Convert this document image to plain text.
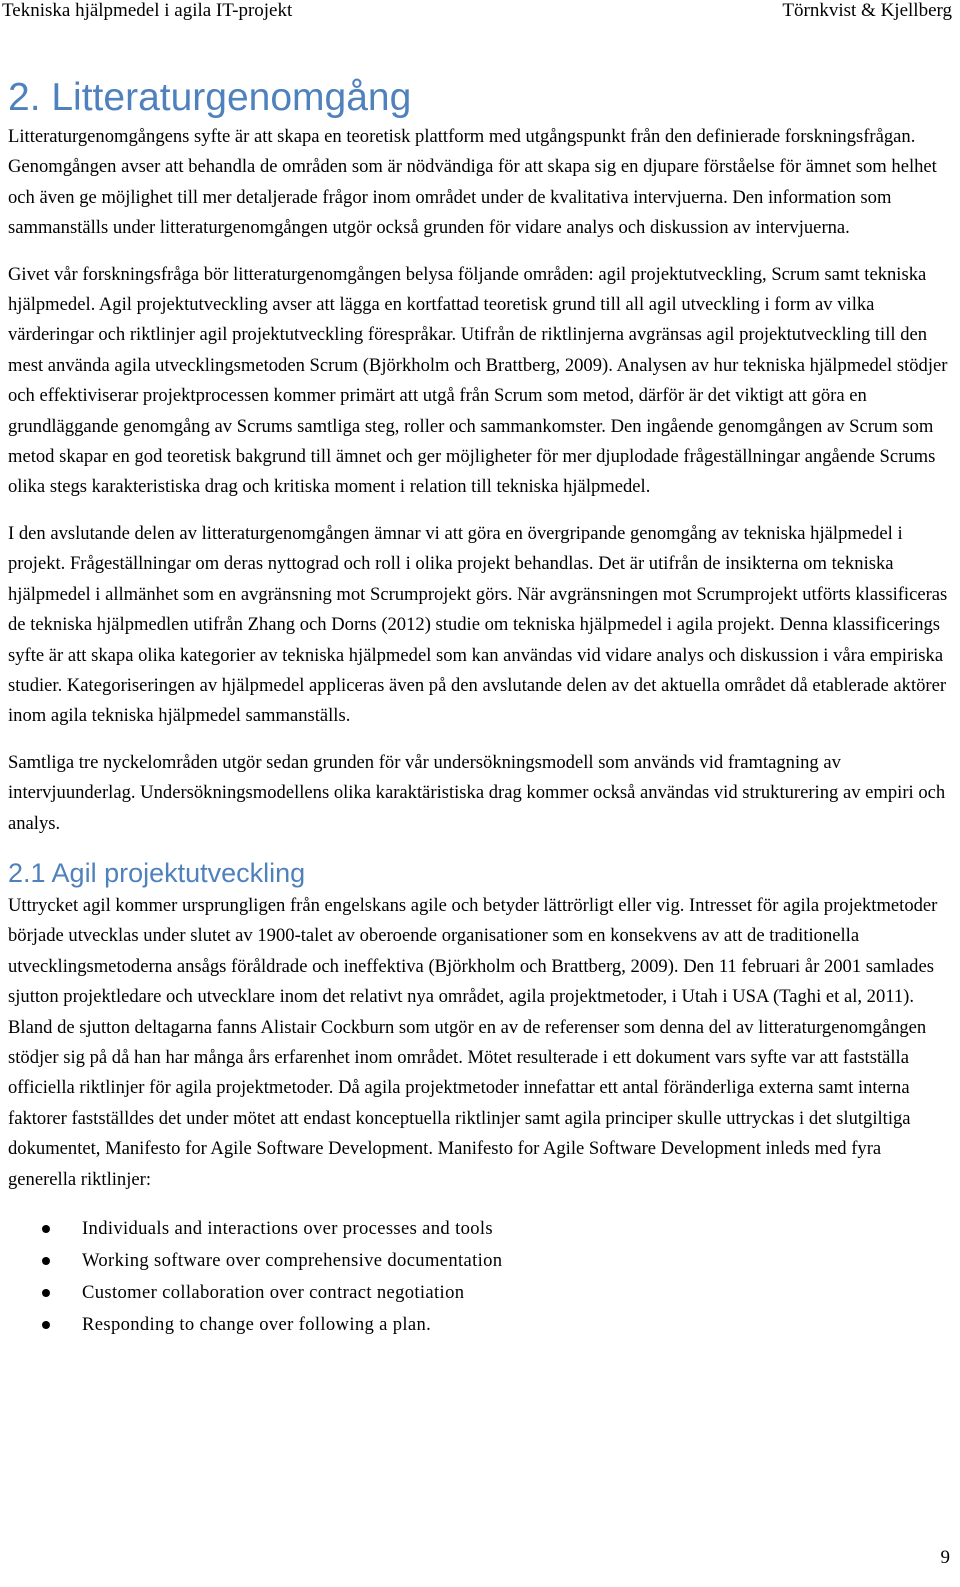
Tekniska hjälpmedel i agila IT-projekt	Törnkvist & Kjellberg
2. Litteraturgenomgång

Litteraturgenomgångens syfte är att skapa en teoretisk plattform med utgångspunkt från den definierade forskningsfrågan. Genomgången avser att behandla de områden som är nödvändiga för att skapa sig en djupare förståelse för ämnet som helhet och även ge möjlighet till mer detaljerade frågor inom området under de kvalitativa intervjuerna. Den information som sammanställs under litteraturgenomgången utgör också grunden för vidare analys och diskussion av intervjuerna.

Givet vår forskningsfråga bör litteraturgenomgången belysa följande områden: agil projektutveckling, Scrum samt tekniska hjälpmedel. Agil projektutveckling avser att lägga en kortfattad teoretisk grund till all agil utveckling i form av vilka värderingar och riktlinjer agil projektutveckling förespråkar. Utifrån de riktlinjerna avgränsas agil projektutveckling till den mest använda agila utvecklingsmetoden Scrum (Björkholm och Brattberg, 2009). Analysen av hur tekniska hjälpmedel stödjer och effektiviserar projektprocessen kommer primärt att utgå från Scrum som metod, därför är det viktigt att göra en grundläggande genomgång av Scrums samtliga steg, roller och sammankomster. Den ingående genomgången av Scrum som metod skapar en god teoretisk bakgrund till ämnet och ger möjligheter för mer djuplodade frågeställningar angående Scrums olika stegs karakteristiska drag och kritiska moment i relation till tekniska hjälpmedel.

I den avslutande delen av litteraturgenomgången ämnar vi att göra en övergripande genomgång av tekniska hjälpmedel i projekt. Frågeställningar om deras nyttograd och roll i olika projekt behandlas. Det är utifrån de insikterna om tekniska hjälpmedel i allmänhet som en avgränsning mot Scrumprojekt görs. När avgränsningen mot Scrumprojekt utförts klassificeras de tekniska hjälpmedlen utifrån Zhang och Dorns (2012) studie om tekniska hjälpmedel i agila projekt. Denna klassificerings syfte är att skapa olika kategorier av tekniska hjälpmedel som kan användas vid vidare analys och diskussion i våra empiriska studier. Kategoriseringen av hjälpmedel appliceras även på den avslutande delen av det aktuella området då etablerade aktörer inom agila tekniska hjälpmedel sammanställs.

Samtliga tre nyckelområden utgör sedan grunden för vår undersökningsmodell som används vid framtagning av intervjuunderlag. Undersökningsmodellens olika karaktäristiska drag kommer också användas vid strukturering av empiri och analys.

2.1 Agil projektutveckling

Uttrycket agil kommer ursprungligen från engelskans agile och betyder lättrörligt eller vig. Intresset för agila projektmetoder började utvecklas under slutet av 1900-talet av oberoende organisationer som en konsekvens av att de traditionella utvecklingsmetoderna ansågs föråldrade och ineffektiva (Björkholm och Brattberg, 2009). Den 11 februari år 2001 samlades sjutton projektledare och utvecklare inom det relativt nya området, agila projektmetoder, i Utah i USA (Taghi et al, 2011). Bland de sjutton deltagarna fanns Alistair Cockburn som utgör en av de referenser som denna del av litteraturgenomgången stödjer sig på då han har många års erfarenhet inom området. Mötet resulterade i ett dokument vars syfte var att fastställa officiella riktlinjer för agila projektmetoder. Då agila projektmetoder innefattar ett antal föränderliga externa samt interna faktorer fastställdes det under mötet att endast konceptuella riktlinjer samt agila principer skulle uttryckas i det slutgiltiga dokumentet, Manifesto for Agile Software Development. Manifesto for Agile Software Development inleds med fyra generella riktlinjer:

Individuals and interactions over processes and tools
Working software over comprehensive documentation
Customer collaboration over contract negotiation
Responding to change over following a plan.
9
